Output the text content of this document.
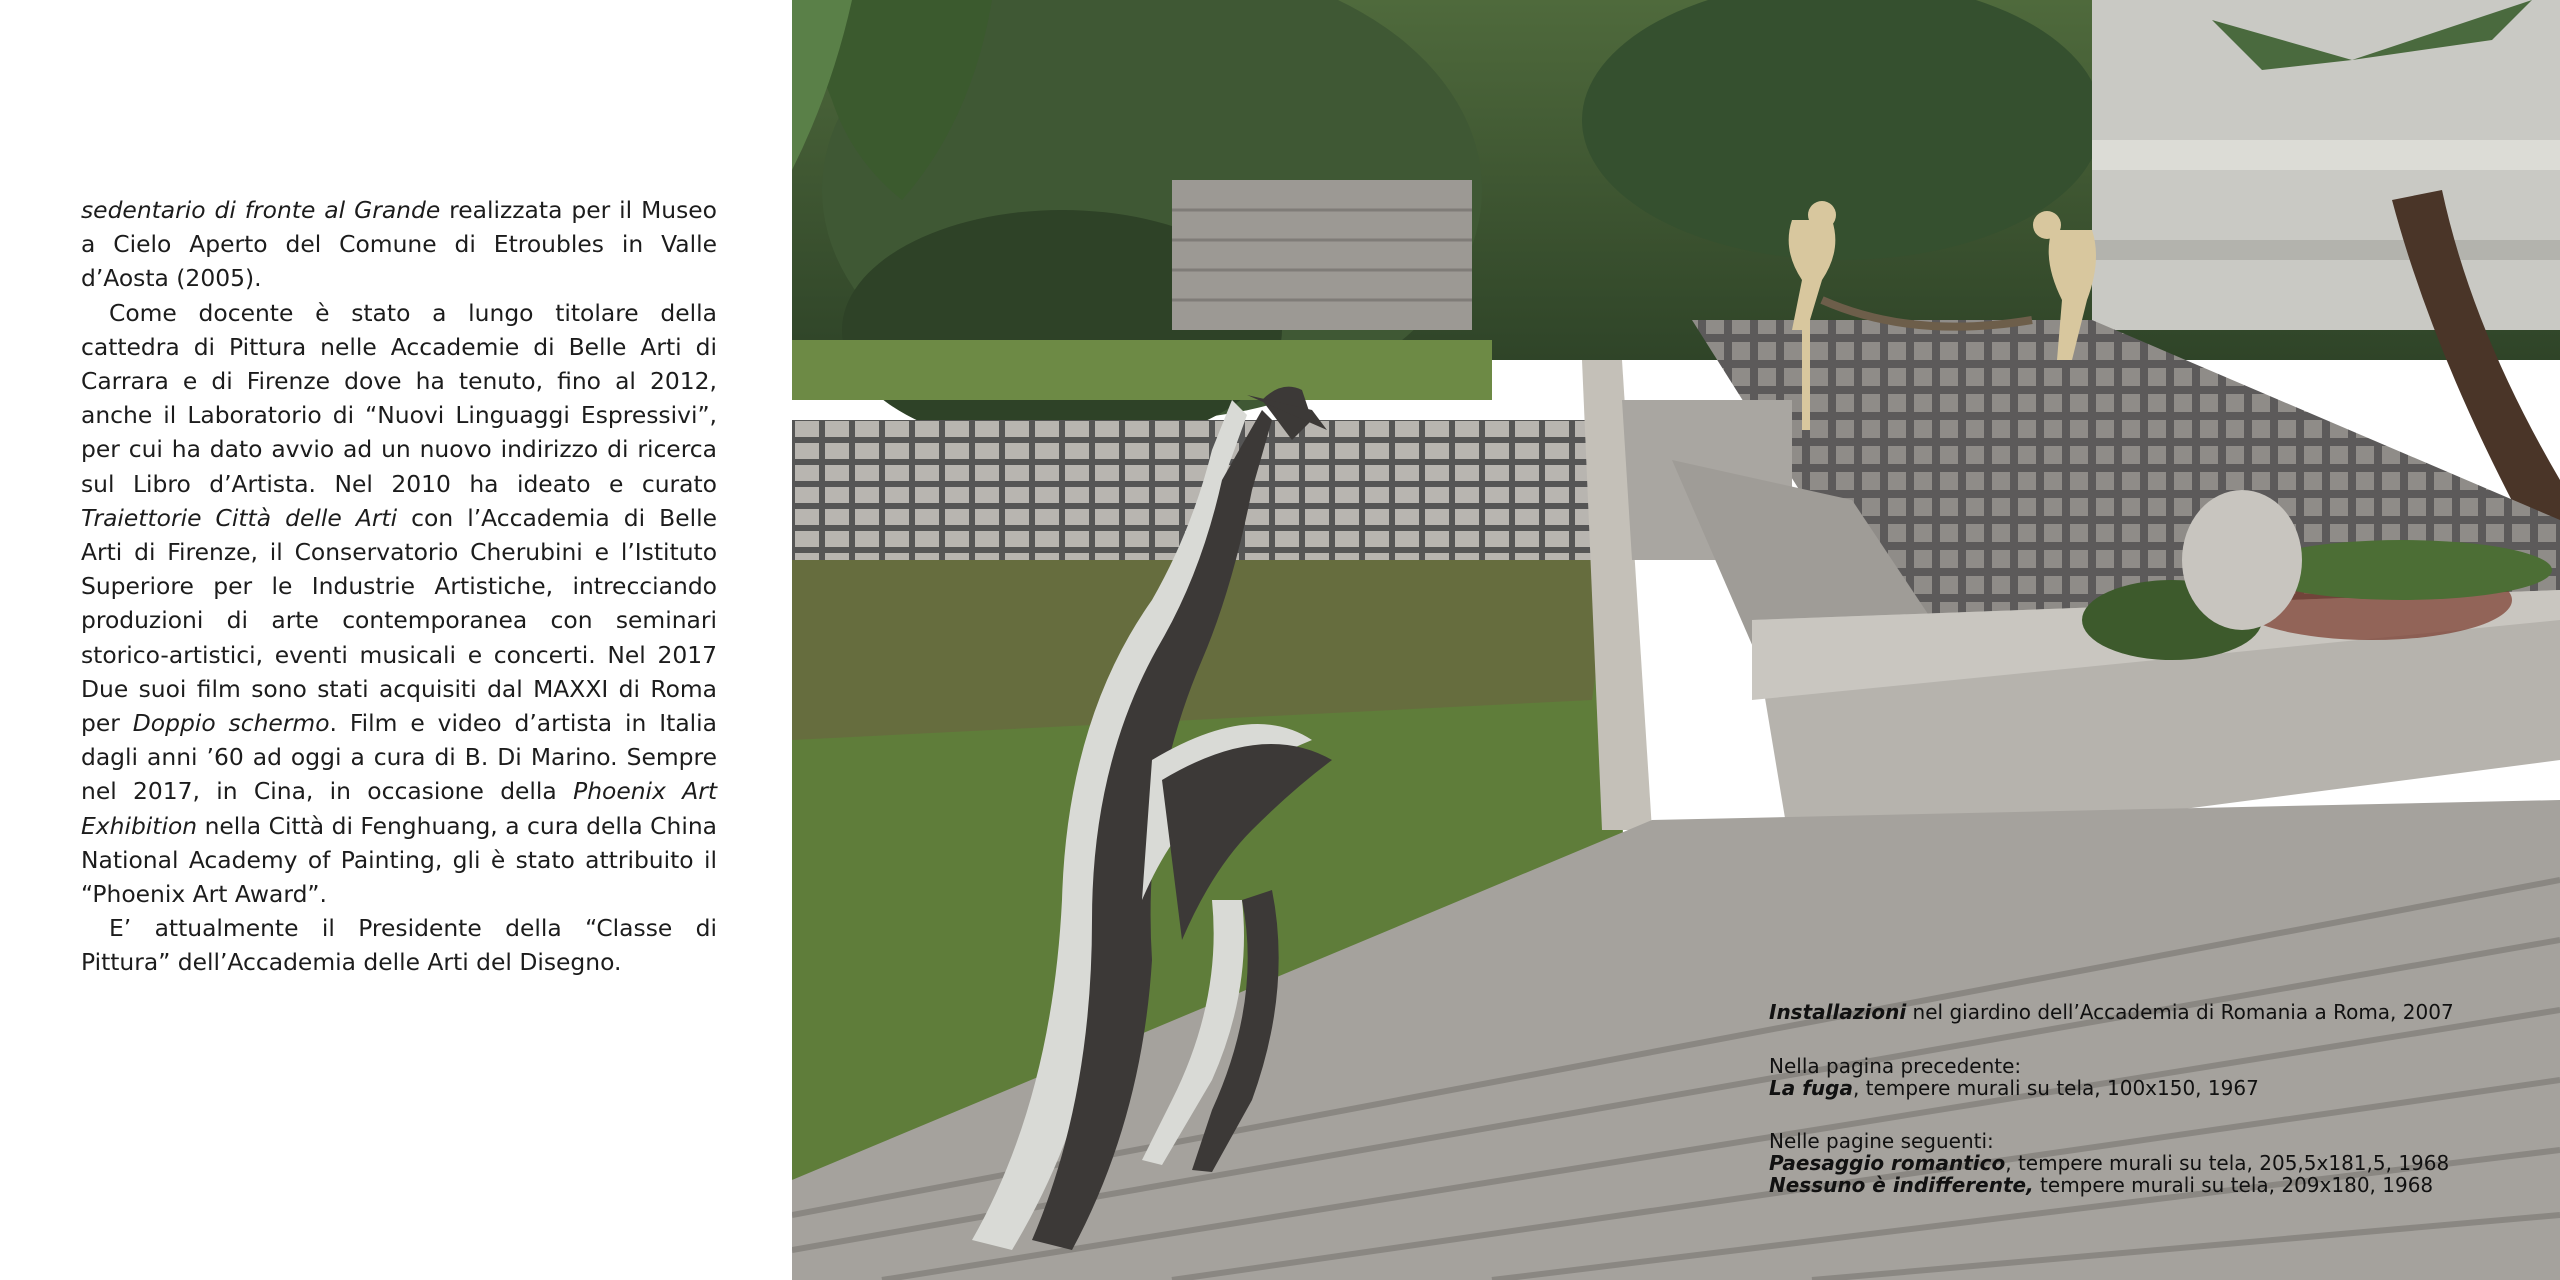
sedentario di fronte al Grande realizzata per il Museo a Cielo Aperto del Comune di Etroubles in Valle d’Aosta (2005).

Come docente è stato a lungo titolare della cattedra di Pittura nelle Accademie di Belle Arti di Carrara e di Firenze dove ha tenuto, fino al 2012, anche il Laboratorio di “Nuovi Linguaggi Espressivi”, per cui ha dato avvio ad un nuovo indirizzo di ricerca sul Libro d’Artista. Nel 2010 ha ideato e curato Traiettorie Città delle Arti con l’Accademia di Belle Arti di Firenze, il Conservatorio Cherubini e l’Istituto Superiore per le Industrie Artistiche, intrecciando produzioni di arte contemporanea con seminari storico-artistici, eventi musicali e concerti. Nel 2017 Due suoi film sono stati acquisiti dal MAXXI di Roma per Doppio schermo. Film e video d’artista in Italia dagli anni ’60 ad oggi a cura di B. Di Marino. Sempre nel 2017, in Cina, in occasione della Phoenix Art Exhibition nella Città di Fenghuang, a cura della China National Academy of Painting, gli è stato attribuito il “Phoenix Art Award”.

E’ attualmente il Presidente della “Classe di Pittura” dell’Accademia delle Arti del Disegno.

Installazioni nel giardino dell’Accademia di Romania a Roma, 2007
Nella pagina precedente:
La fuga, tempere murali su tela, 100x150, 1967
Nelle pagine seguenti:
Paesaggio romantico, tempere murali su tela, 205,5x181,5, 1968
Nessuno è indifferente, tempere murali su tela, 209x180, 1968
